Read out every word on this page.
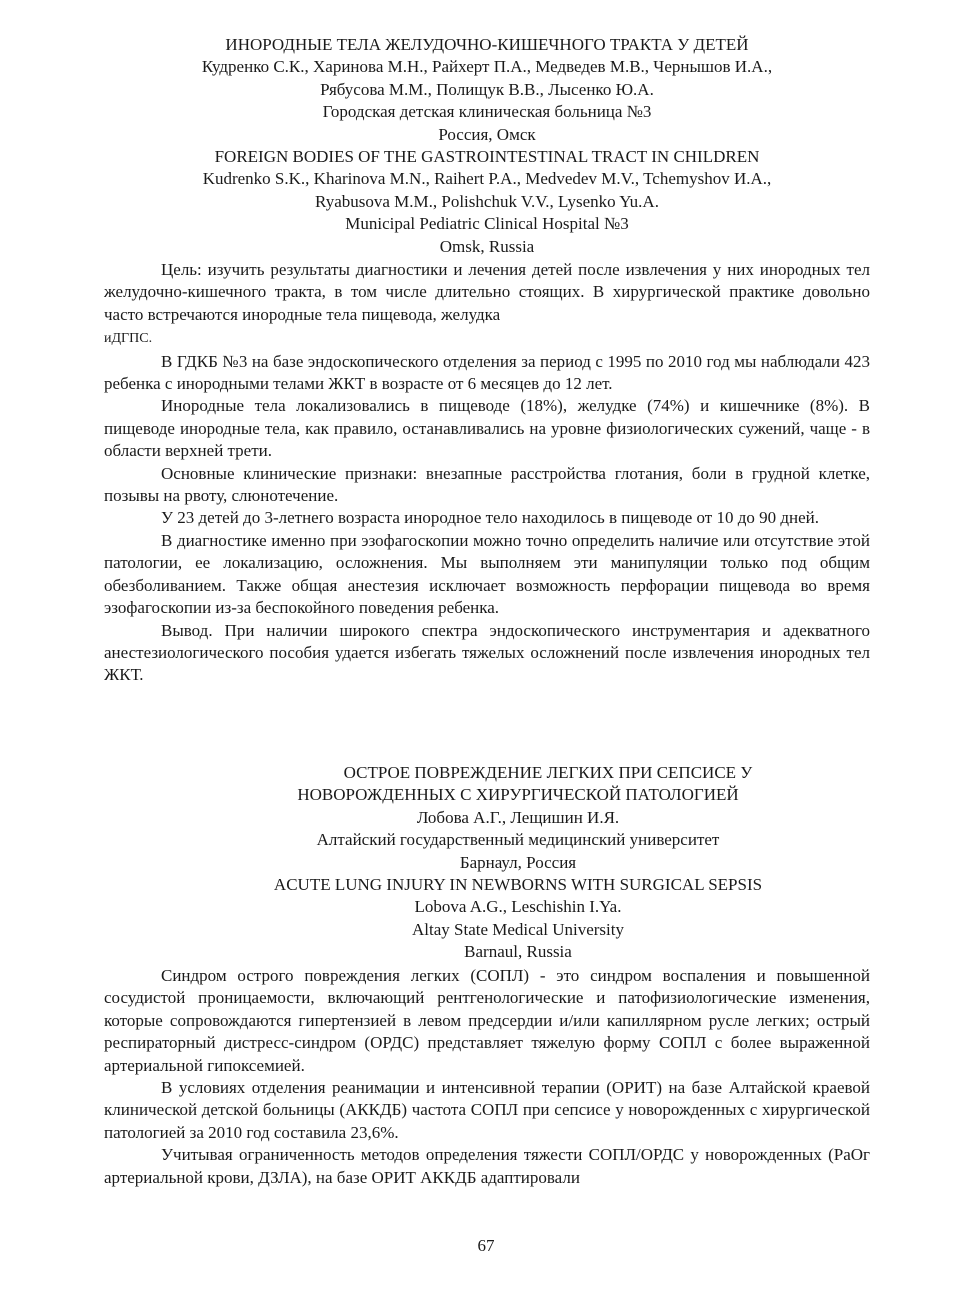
ИНОРОДНЫЕ ТЕЛА ЖЕЛУДОЧНО-КИШЕЧНОГО ТРАКТА У ДЕТЕЙ

Кудренко С.К., Харинова М.Н., Райхерт П.А., Медведев М.В., Чернышов И.А.,

Рябусова М.М., Полищук В.В., Лысенко Ю.А.

Городская детская клиническая больница №3

Россия, Омск

FOREIGN BODIES OF THE GASTROINTESTINAL TRACT IN CHILDREN

Kudrenko S.K., Kharinova M.N., Raihert P.A., Medvedev M.V., Tchemyshov И.А.,

Ryabusova M.M., Polishchuk V.V., Lysenko Yu.A.

Municipal Pediatric Clinical Hospital №3

Omsk, Russia

Цель: изучить результаты диагностики и лечения детей после извлечения у них инородных тел желудочно-кишечного тракта, в том числе длительно стоящих. В хирургической практике довольно часто встречаются инородные тела пищевода, желудка
иДГПС.

В ГДКБ №3 на базе эндоскопического отделения за период с 1995 по 2010 год мы наблюдали 423 ребенка с инородными телами ЖКТ в возрасте от 6 месяцев до 12 лет.

Инородные тела локализовались в пищеводе (18%), желудке (74%) и кишечнике (8%). В пищеводе инородные тела, как правило, останавливались на уровне физиологических сужений, чаще - в области верхней трети.

Основные клинические признаки: внезапные расстройства глотания, боли в грудной клетке, позывы на рвоту, слюнотечение.

У 23 детей до 3-летнего возраста инородное тело находилось в пищеводе от 10 до 90 дней.

В диагностике именно при эзофагоскопии можно точно определить наличие или отсутствие этой патологии, ее локализацию, осложнения. Мы выполняем эти манипуляции только под общим обезболиванием. Также общая анестезия исключает возможность перфорации пищевода во время эзофагоскопии из-за беспокойного поведения ребенка.

Вывод. При наличии широкого спектра эндоскопического инструментария и адекватного анестезиологического пособия удается избегать тяжелых осложнений после извлечения инородных тел ЖКТ.

ОСТРОЕ ПОВРЕЖДЕНИЕ ЛЕГКИХ ПРИ СЕПСИСЕ У

НОВОРОЖДЕННЫХ С ХИРУРГИЧЕСКОЙ ПАТОЛОГИЕЙ

Лобова А.Г., Лещишин И.Я.

Алтайский государственный медицинский университет

Барнаул, Россия

ACUTE LUNG INJURY IN NEWBORNS WITH SURGICAL SEPSIS

Lobova A.G., Leschishin I.Ya.

Altay State Medical University

Barnaul, Russia

Синдром острого повреждения легких (СОПЛ) - это синдром воспаления и повышенной сосудистой проницаемости, включающий рентгенологические и патофизиологические изменения, которые сопровождаются гипертензией в левом предсердии и/или капиллярном русле легких; острый респираторный дистресс-синдром (ОРДС) представляет тяжелую форму СОПЛ с более выраженной артериальной гипоксемией.

В условиях отделения реанимации и интенсивной терапии (ОРИТ) на базе Алтайской краевой клинической детской больницы (АККДБ) частота СОПЛ при сепсисе у новорожденных с хирургической патологией за 2010 год составила 23,6%.

Учитывая ограниченность методов определения тяжести СОПЛ/ОРДС у новорожденных (РаОг артериальной крови, ДЗЛА), на базе ОРИТ АККДБ адаптировали

67
